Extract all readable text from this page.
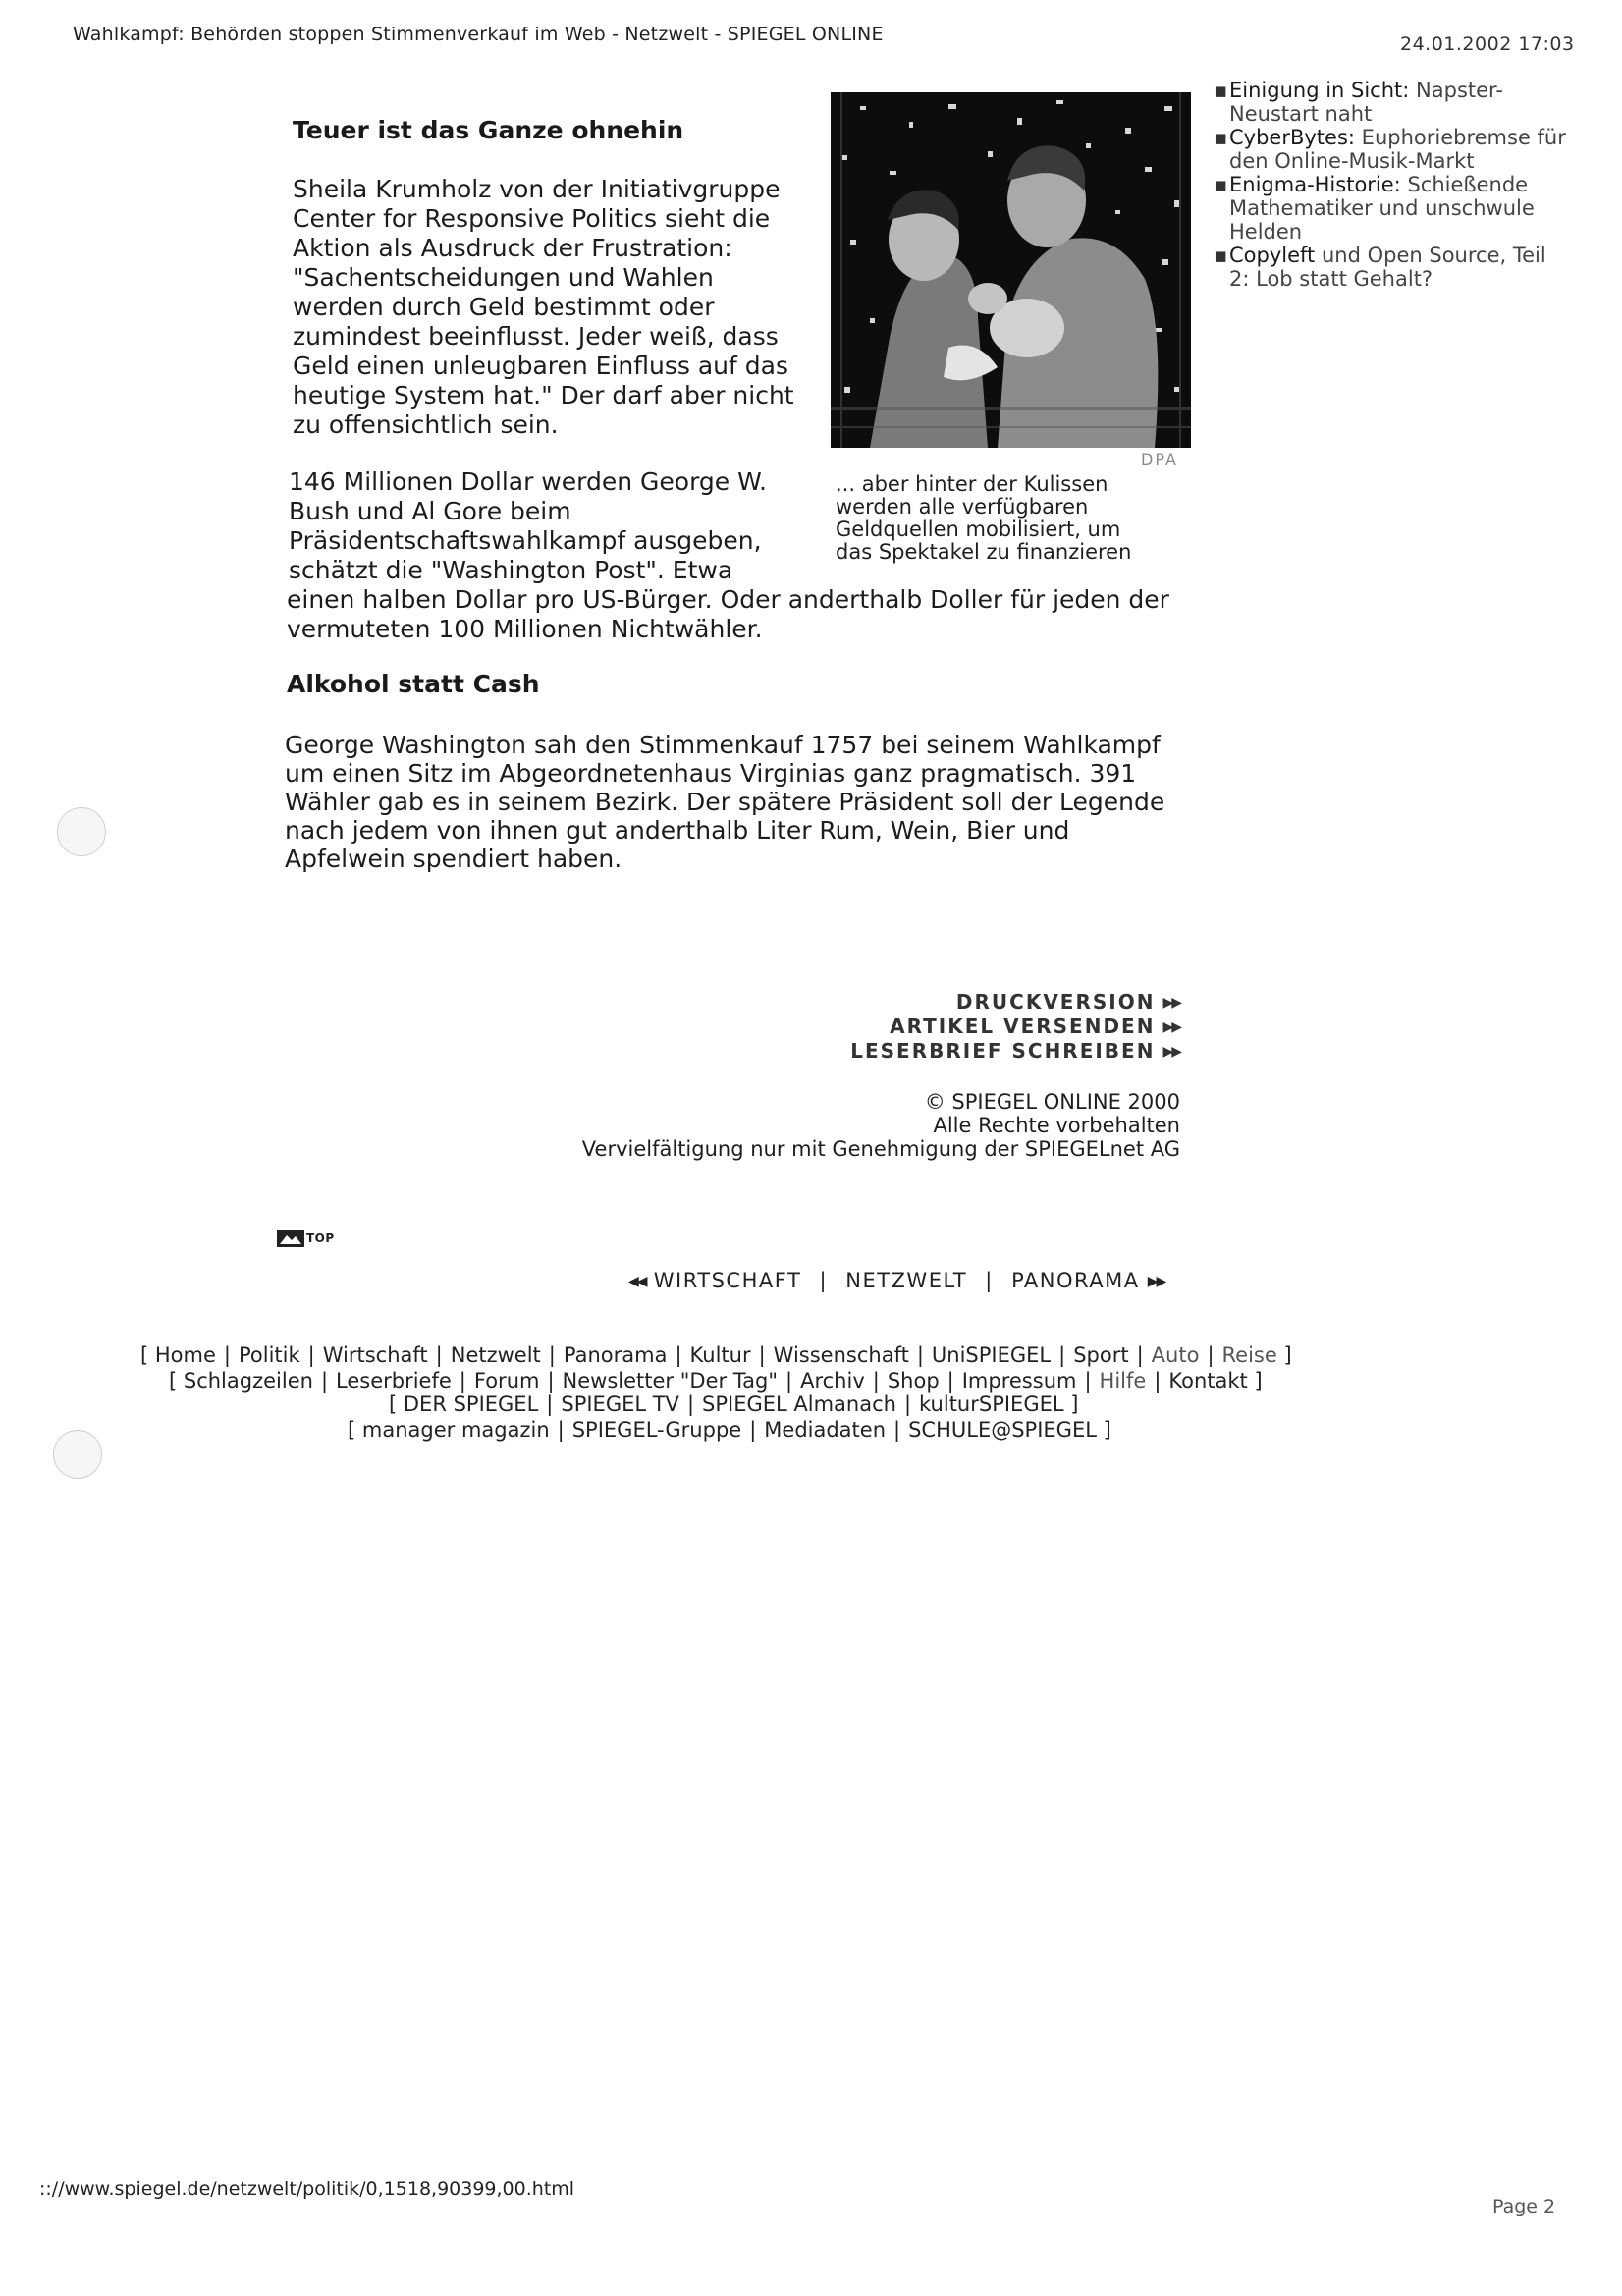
Wahlkampf: Behörden stoppen Stimmenverkauf im Web - Netzwelt - SPIEGEL ONLINE	24.01.2002 17:03
Teuer ist das Ganze ohnehin
Sheila Krumholz von der Initiativgruppe
Center for Responsive Politics sieht die
Aktion als Ausdruck der Frustration:
"Sachentscheidungen und Wahlen
werden durch Geld bestimmt oder
zumindest beeinflusst. Jeder weiß, dass
Geld einen unleugbaren Einfluss auf das
heutige System hat." Der darf aber nicht
zu offensichtlich sein.
146 Millionen Dollar werden George W.
Bush und Al Gore beim
Präsidentschaftswahlkampf ausgeben,
schätzt die "Washington Post". Etwa
einen halben Dollar pro US-Bürger. Oder anderthalb Doller für jeden der
vermuteten 100 Millionen Nichtwähler.
Alkohol statt Cash
George Washington sah den Stimmenkauf 1757 bei seinem Wahlkampf
um einen Sitz im Abgeordnetenhaus Virginias ganz pragmatisch. 391
Wähler gab es in seinem Bezirk. Der spätere Präsident soll der Legende
nach jedem von ihnen gut anderthalb Liter Rum, Wein, Bier und
Apfelwein spendiert haben.
DPA
... aber hinter der Kulissen
werden alle verfügbaren
Geldquellen mobilisiert, um
das Spektakel zu finanzieren
▪ Einigung in Sicht: Napster-
Neustart naht
▪ CyberBytes: Euphoriebremse für
den Online-Musik-Markt
▪ Enigma-Historie: Schießende
Mathematiker und unschwule
Helden
▪ Copyleft und Open Source, Teil
2: Lob statt Gehalt?
DRUCKVERSION ▶▶
ARTIKEL VERSENDEN ▶▶
LESERBRIEF SCHREIBEN ▶▶
© SPIEGEL ONLINE 2000
Alle Rechte vorbehalten
Vervielfältigung nur mit Genehmigung der SPIEGELnet AG
TOP
◀◀ WIRTSCHAFT | NETZWELT | PANORAMA ▶▶
[ Home | Politik | Wirtschaft | Netzwelt | Panorama | Kultur | Wissenschaft | UniSPIEGEL | Sport | Auto | Reise ]
[ Schlagzeilen | Leserbriefe | Forum | Newsletter "Der Tag" | Archiv | Shop | Impressum | Hilfe | Kontakt ]
[ DER SPIEGEL | SPIEGEL TV | SPIEGEL Almanach | kulturSPIEGEL ]
[ manager magazin | SPIEGEL-Gruppe | Mediadaten | SCHULE@SPIEGEL ]
:://www.spiegel.de/netzwelt/politik/0,1518,90399,00.html
Page 2
